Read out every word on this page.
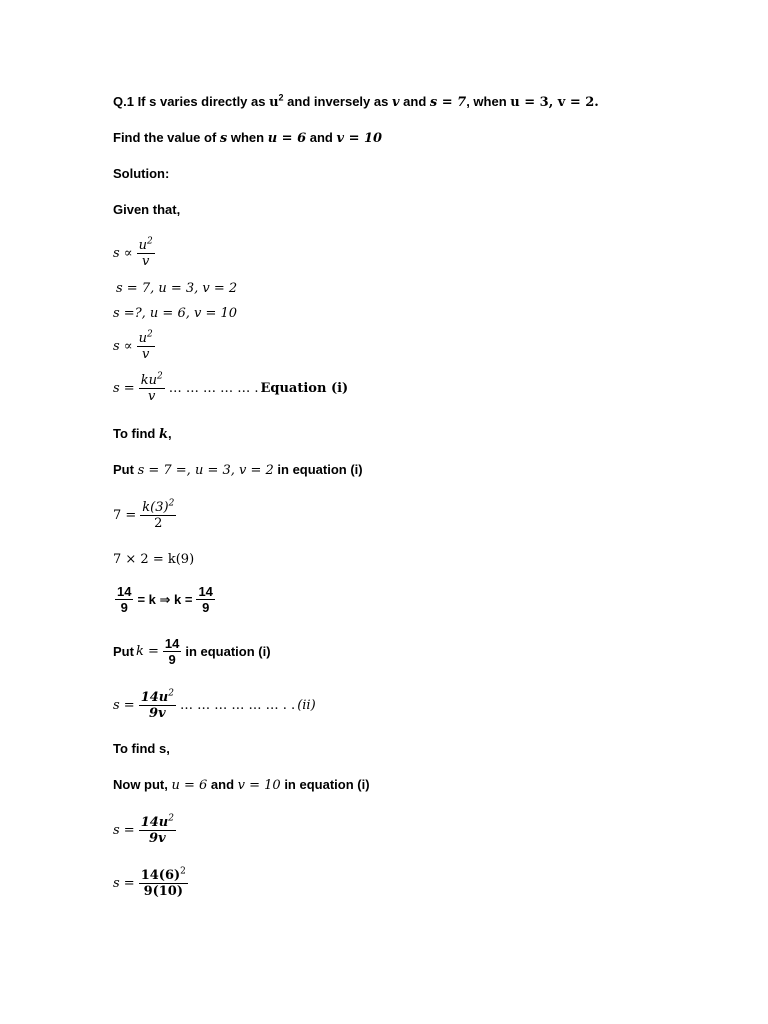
Q.1 If s varies directly as $u^2$ and inversely as v and s = 7, when u = 3, v = 2.
Find the value of s when u = 6 and v = 10
Solution:
Given that,
$s \propto \frac{u^2}{v}$
s = 7, u = 3, v = 2
s =?, u = 6, v = 10
$s \propto \frac{u^2}{v}$
$s = \frac{ku^2}{v}$ … … … … … . Equation (i)
To find k,
Put s = 7 =, u = 3, v = 2 in equation (i)
$7 = \frac{k(3)^2}{2}$
7 × 2 = k(9)
$\frac{14}{9} = k$ ⇒ $k = \frac{14}{9}$
Put $k = \frac{14}{9}$ in equation (i)
$s = \frac{14u^2}{9v}$ … … … … … … . . (ii)
To find s,
Now put, u = 6 and v = 10 in equation (i)
$s = \frac{14u^2}{9v}$
$s = \frac{14(6)^2}{9(10)}$
